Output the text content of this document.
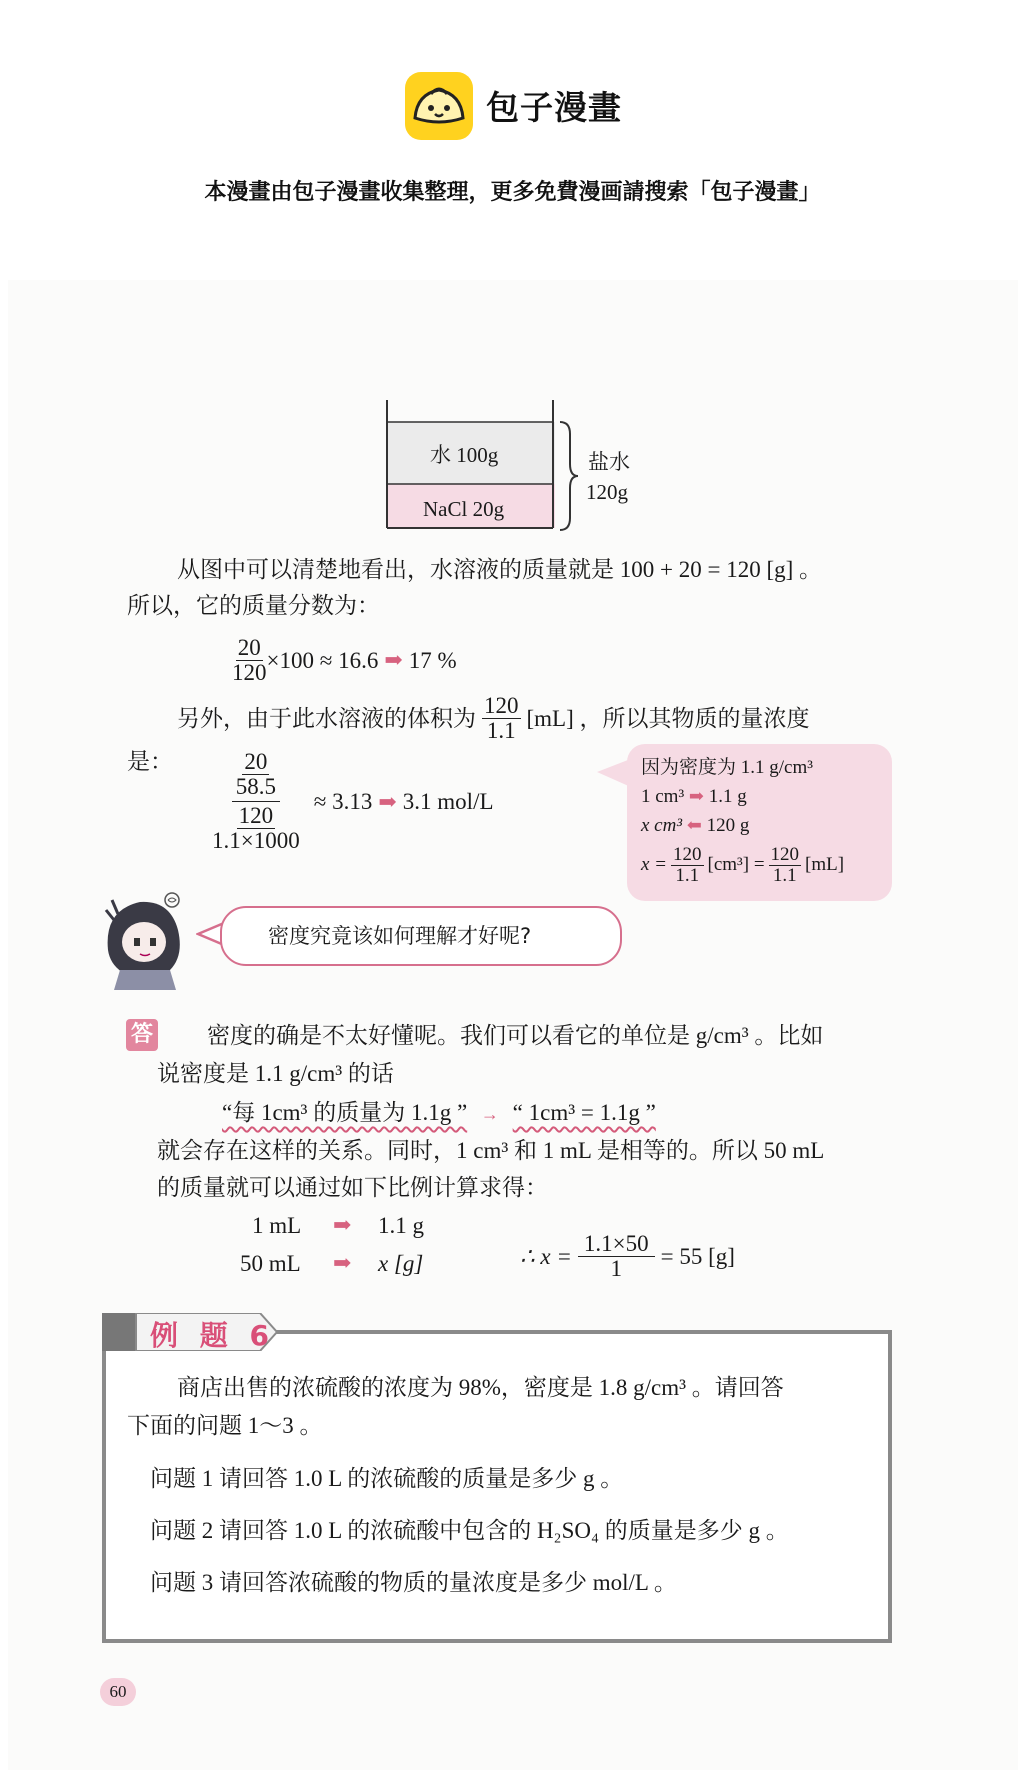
包子漫畫
本漫畫由包子漫畫收集整理，更多免費漫画請搜索「包子漫畫」
水 100g
NaCl 20g
盐水
120g
从图中可以清楚地看出，水溶液的质量就是 100 + 20 = 120 [g] 。
所以，它的质量分数为：
$\frac{20}{120} \times 100 \approx 16.6$ ➡ 17 %
另外，由于此水溶液的体积为 $\frac{120}{1.1} [mL]$ ，所以其物质的量浓度
是： $\frac{\frac{20}{58.5}}{\frac{120}{1.1\times 1000}} \approx 3.13$ ➡ 3.1 mol/L
因为密度为 1.1 g/cm³
1 cm³ ➡ 1.1 g
x cm³ ⬅ 120 g
$x = \frac{120}{1.1} [cm^3] = \frac{120}{1.1} [mL]$
密度究竟该如何理解才好呢?
答 密度的确是不太好懂呢。我们可以看它的单位是 g/cm³ 。比如
说密度是 1.1 g/cm³ 的话
“每 1cm³ 的质量为 1.1g ” → “ 1cm³ = 1.1g ”
就会存在这样的关系。同时，1 cm³ 和 1 mL 是相等的。所以 50 mL
的质量就可以通过如下比例计算求得：
1 mL ➡ 1.1 g
50 mL ➡ x [g]	∴ $x = \frac{1.1\times 50}{1} = 55$ [g]
例 题 6
商店出售的浓硫酸的浓度为 98%，密度是 1.8 g/cm³ 。请回答
下面的问题 1～3 。
问题 1 请回答 1.0 L 的浓硫酸的质量是多少 g 。
问题 2 请回答 1.0 L 的浓硫酸中包含的 H₂SO₄ 的质量是多少 g 。
问题 3 请回答浓硫酸的物质的量浓度是多少 mol/L 。
60
